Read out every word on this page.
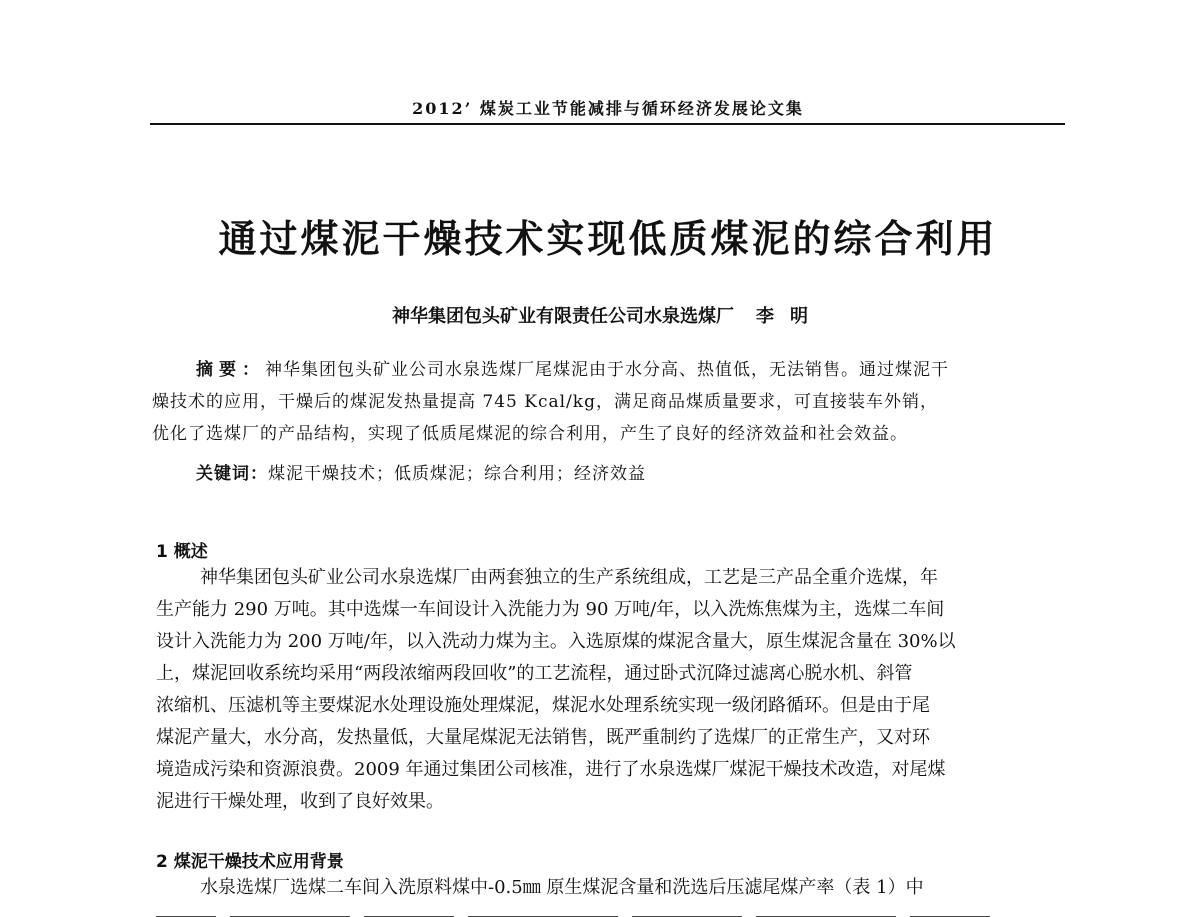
2012’ 煤炭工业节能减排与循环经济发展论文集
通过煤泥干燥技术实现低质煤泥的综合利用
神华集团包头矿业有限责任公司水泉选煤厂 李明
摘要：神华集团包头矿业公司水泉选煤厂尾煤泥由于水分高、热值低，无法销售。通过煤泥干
燥技术的应用，干燥后的煤泥发热量提高 745 Kcal/kg，满足商品煤质量要求，可直接装车外销，
优化了选煤厂的产品结构，实现了低质尾煤泥的综合利用，产生了良好的经济效益和社会效益。
关键词：煤泥干燥技术；低质煤泥；综合利用；经济效益
1 概述
神华集团包头矿业公司水泉选煤厂由两套独立的生产系统组成，工艺是三产品全重介选煤，年
生产能力 290 万吨。其中选煤一车间设计入洗能力为 90 万吨/年，以入洗炼焦煤为主，选煤二车间
设计入洗能力为 200 万吨/年，以入洗动力煤为主。入选原煤的煤泥含量大，原生煤泥含量在 30%以
上，煤泥回收系统均采用“两段浓缩两段回收”的工艺流程，通过卧式沉降过滤离心脱水机、斜管
浓缩机、压滤机等主要煤泥水处理设施处理煤泥，煤泥水处理系统实现一级闭路循环。但是由于尾
煤泥产量大，水分高，发热量低，大量尾煤泥无法销售，既严重制约了选煤厂的正常生产，又对环
境造成污染和资源浪费。2009 年通过集团公司核准，进行了水泉选煤厂煤泥干燥技术改造，对尾煤
泥进行干燥处理，收到了良好效果。
2 煤泥干燥技术应用背景
水泉选煤厂选煤二车间入洗原料煤中-0.5㎜ 原生煤泥含量和洗选后压滤尾煤产率（表 1）中
